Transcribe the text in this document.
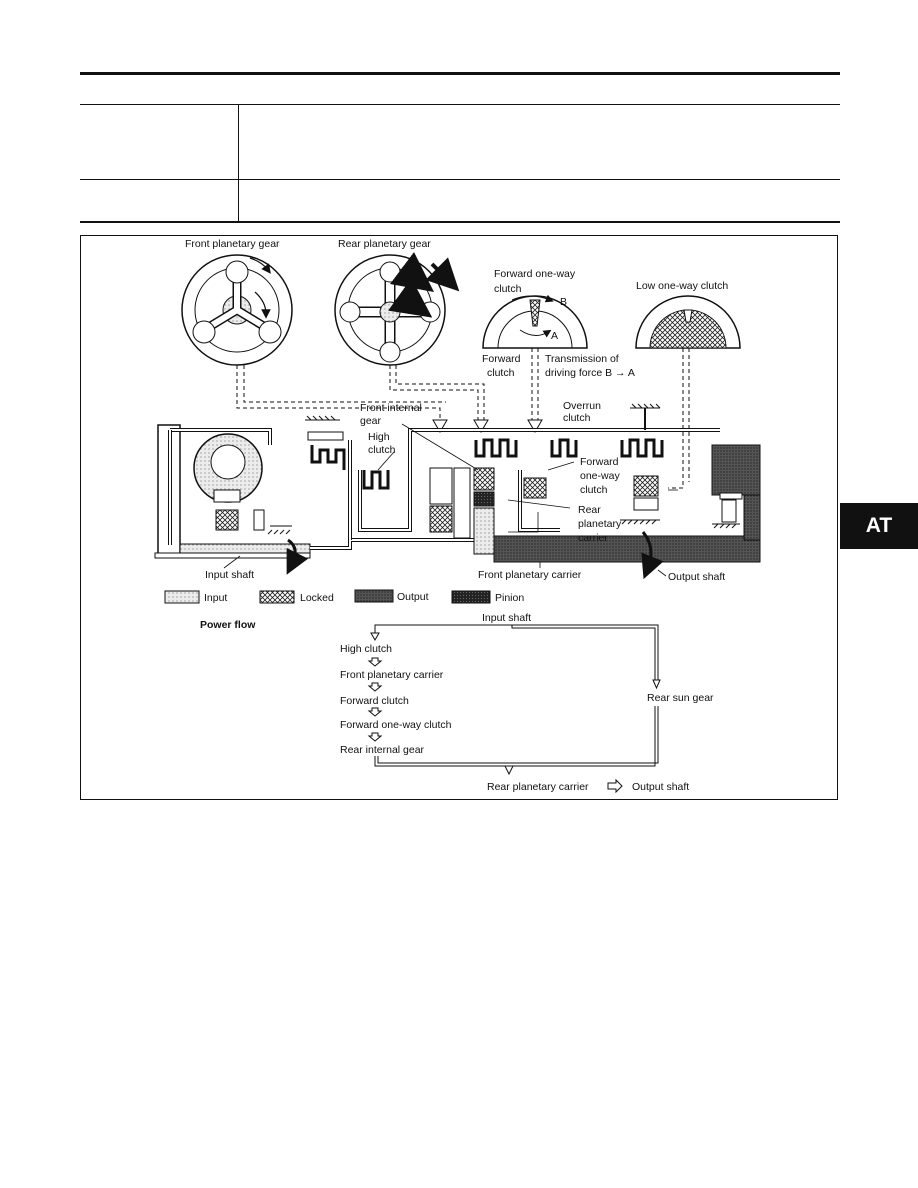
AT
Front planetary gear	Rear planetary gear
Forward one-way
clutch
B
A
Low one-way clutch
Forward
clutch
Transmission of
driving force B → A
Front internal
gear
Overrun
clutch
High
clutch
Forward
one-way
clutch
Rear
planetary
carrier
Input shaft	Front planetary carrier	Output shaft
Input	Locked	Output	Pinion
Power flow
Input shaft
High clutch
Front planetary carrier
Forward clutch
Forward one-way clutch
Rear internal gear
Rear sun gear
Rear planetary carrier	Output shaft
